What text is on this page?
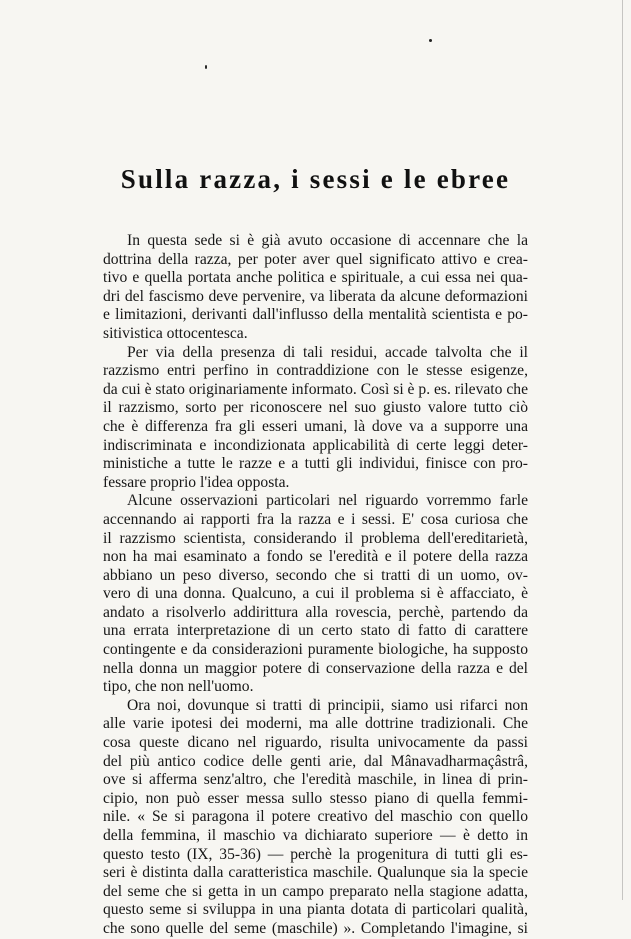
Sulla razza, i sessi e le ebree
In questa sede si è già avuto occasione di accennare che la
dottrina della razza, per poter aver quel significato attivo e crea-
tivo e quella portata anche politica e spirituale, a cui essa nei qua-
dri del fascismo deve pervenire, va liberata da alcune deformazioni
e limitazioni, derivanti dall'influsso della mentalità scientista e po-
sitivistica ottocentesca.
Per via della presenza di tali residui, accade talvolta che il
razzismo entri perfino in contraddizione con le stesse esigenze,
da cui è stato originariamente informato. Così si è p. es. rilevato che
il razzismo, sorto per riconoscere nel suo giusto valore tutto ciò
che è differenza fra gli esseri umani, là dove va a supporre una
indiscriminata e incondizionata applicabilità di certe leggi deter-
ministiche a tutte le razze e a tutti gli individui, finisce con pro-
fessare proprio l'idea opposta.
Alcune osservazioni particolari nel riguardo vorremmo farle
accennando ai rapporti fra la razza e i sessi. E' cosa curiosa che
il razzismo scientista, considerando il problema dell'ereditarietà,
non ha mai esaminato a fondo se l'eredità e il potere della razza
abbiano un peso diverso, secondo che si tratti di un uomo, ov-
vero di una donna. Qualcuno, a cui il problema si è affacciato, è
andato a risolverlo addirittura alla rovescia, perchè, partendo da
una errata interpretazione di un certo stato di fatto di carattere
contingente e da considerazioni puramente biologiche, ha supposto
nella donna un maggior potere di conservazione della razza e del
tipo, che non nell'uomo.
Ora noi, dovunque si tratti di principii, siamo usi rifarci non
alle varie ipotesi dei moderni, ma alle dottrine tradizionali. Che
cosa queste dicano nel riguardo, risulta univocamente da passi
del più antico codice delle genti arie, dal Mânavadharmaçâstrâ,
ove si afferma senz'altro, che l'eredità maschile, in linea di prin-
cipio, non può esser messa sullo stesso piano di quella femmi-
nile. « Se si paragona il potere creativo del maschio con quello
della femmina, il maschio va dichiarato superiore — è detto in
questo testo (IX, 35-36) — perchè la progenitura di tutti gli es-
seri è distinta dalla caratteristica maschile. Qualunque sia la specie
del seme che si getta in un campo preparato nella stagione adatta,
questo seme si sviluppa in una pianta dotata di particolari qualità,
che sono quelle del seme (maschile) ». Completando l'imagine, si
